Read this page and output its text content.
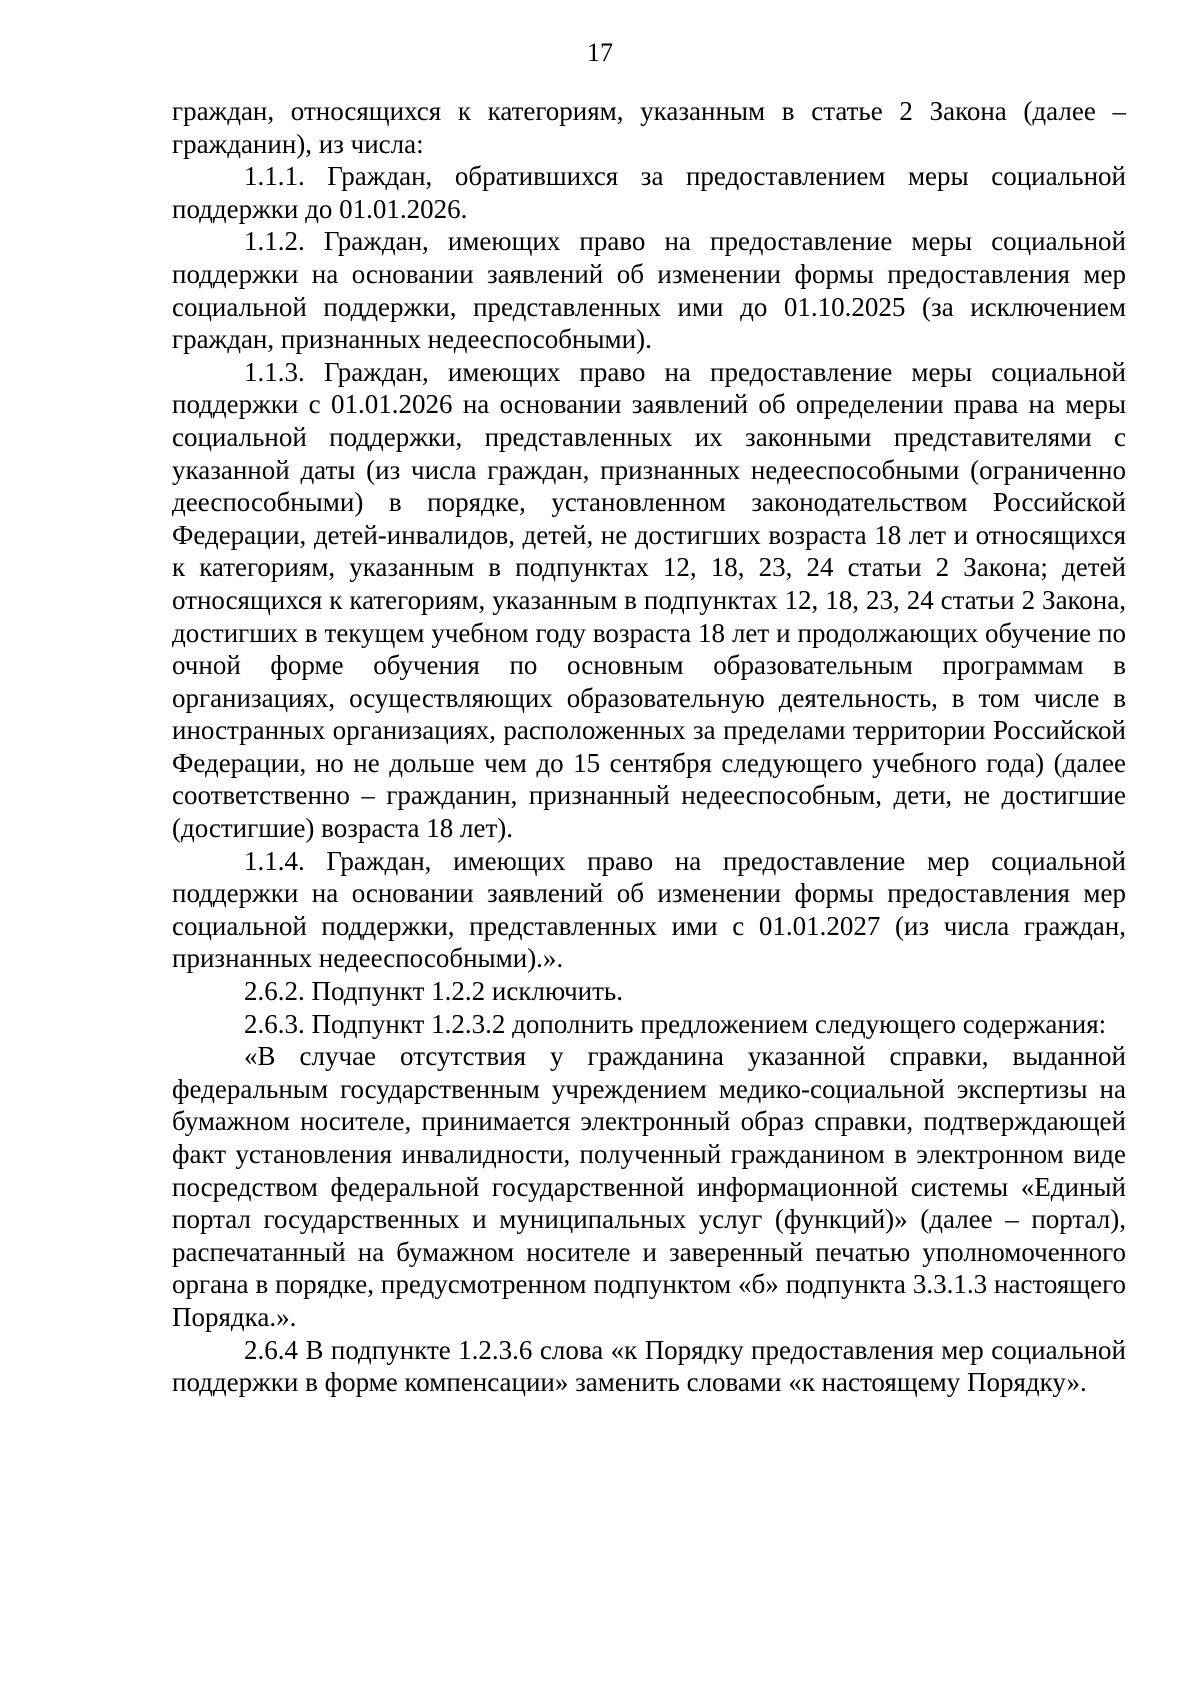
17

граждан, относящихся к категориям, указанным в статье 2 Закона (далее – гражданин), из числа:

1.1.1. Граждан, обратившихся за предоставлением меры социальной поддержки до 01.01.2026.

1.1.2. Граждан, имеющих право на предоставление меры социальной поддержки на основании заявлений об изменении формы предоставления мер социальной поддержки, представленных ими до 01.10.2025 (за исключением граждан, признанных недееспособными).

1.1.3. Граждан, имеющих право на предоставление меры социальной поддержки с 01.01.2026 на основании заявлений об определении права на меры социальной поддержки, представленных их законными представителями с указанной даты (из числа граждан, признанных недееспособными (ограниченно дееспособными) в порядке, установленном законодательством Российской Федерации, детей-инвалидов, детей, не достигших возраста 18 лет и относящихся к категориям, указанным в подпунктах 12, 18, 23, 24 статьи 2 Закона; детей относящихся к категориям, указанным в подпунктах 12, 18, 23, 24 статьи 2 Закона, достигших в текущем учебном году возраста 18 лет и продолжающих обучение по очной форме обучения по основным образовательным программам в организациях, осуществляющих образовательную деятельность, в том числе в иностранных организациях, расположенных за пределами территории Российской Федерации, но не дольше чем до 15 сентября следующего учебного года) (далее соответственно – гражданин, признанный недееспособным, дети, не достигшие (достигшие) возраста 18 лет).

1.1.4. Граждан, имеющих право на предоставление мер социальной поддержки на основании заявлений об изменении формы предоставления мер социальной поддержки, представленных ими с 01.01.2027 (из числа граждан, признанных недееспособными).».

2.6.2. Подпункт 1.2.2 исключить.

2.6.3. Подпункт 1.2.3.2 дополнить предложением следующего содержания:

«В случае отсутствия у гражданина указанной справки, выданной федеральным государственным учреждением медико-социальной экспертизы на бумажном носителе, принимается электронный образ справки, подтверждающей факт установления инвалидности, полученный гражданином в электронном виде посредством федеральной государственной информационной системы «Единый портал государственных и муниципальных услуг (функций)» (далее – портал), распечатанный на бумажном носителе и заверенный печатью уполномоченного органа в порядке, предусмотренном подпунктом «б» подпункта 3.3.1.3 настоящего Порядка.».

2.6.4 В подпункте 1.2.3.6 слова «к Порядку предоставления мер социальной поддержки в форме компенсации» заменить словами «к настоящему Порядку».
